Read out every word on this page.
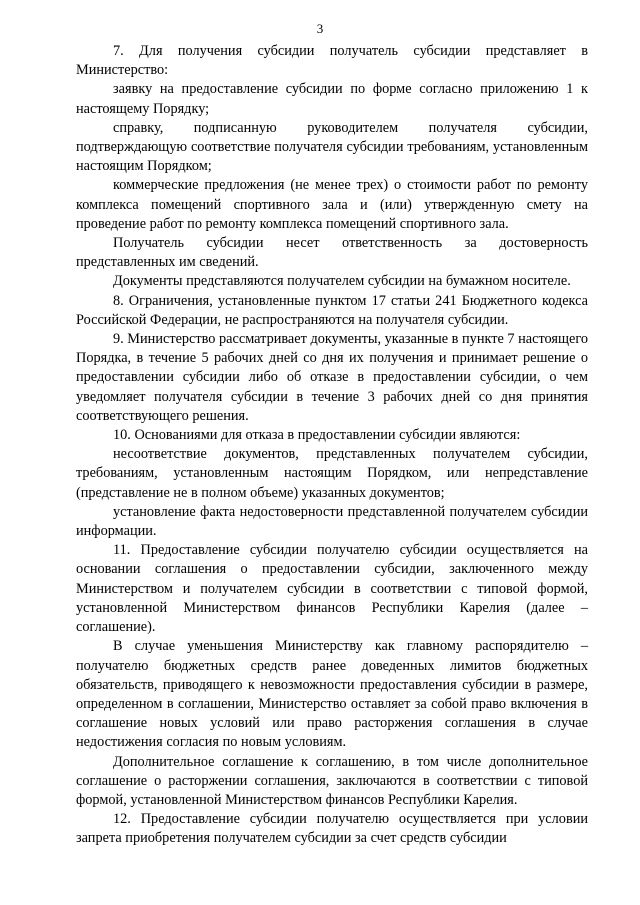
3

7. Для получения субсидии получатель субсидии представляет в Министерство:

заявку на предоставление субсидии по форме согласно приложению 1 к настоящему Порядку;

справку, подписанную руководителем получателя субсидии, подтверждающую соответствие получателя субсидии требованиям, установленным настоящим Порядком;

коммерческие предложения (не менее трех) о стоимости работ по ремонту комплекса помещений спортивного зала и (или) утвержденную смету на проведение работ по ремонту комплекса помещений спортивного зала.

Получатель субсидии несет ответственность за достоверность представленных им сведений.

Документы представляются получателем субсидии на бумажном носителе.

8. Ограничения, установленные пунктом 17 статьи 241 Бюджетного кодекса Российской Федерации, не распространяются на получателя субсидии.

9. Министерство рассматривает документы, указанные в пункте 7 настоящего Порядка, в течение 5 рабочих дней со дня их получения и принимает решение о предоставлении субсидии либо об отказе в предоставлении субсидии, о чем уведомляет получателя субсидии в течение 3 рабочих дней со дня принятия соответствующего решения.

10. Основаниями для отказа в предоставлении субсидии являются:

несоответствие документов, представленных получателем субсидии, требованиям, установленным настоящим Порядком, или непредставление (представление не в полном объеме) указанных документов;

установление факта недостоверности представленной получателем субсидии информации.

11. Предоставление субсидии получателю субсидии осуществляется на основании соглашения о предоставлении субсидии, заключенного между Министерством и получателем субсидии в соответствии с типовой формой, установленной Министерством финансов Республики Карелия (далее – соглашение).

В случае уменьшения Министерству как главному распорядителю – получателю бюджетных средств ранее доведенных лимитов бюджетных обязательств, приводящего к невозможности предоставления субсидии в размере, определенном в соглашении, Министерство оставляет за собой право включения в соглашение новых условий или право расторжения соглашения в случае недостижения согласия по новым условиям.

Дополнительное соглашение к соглашению, в том числе дополнительное соглашение о расторжении соглашения, заключаются в соответствии с типовой формой, установленной Министерством финансов Республики Карелия.

12. Предоставление субсидии получателю осуществляется при условии запрета приобретения получателем субсидии за счет средств субсидии
